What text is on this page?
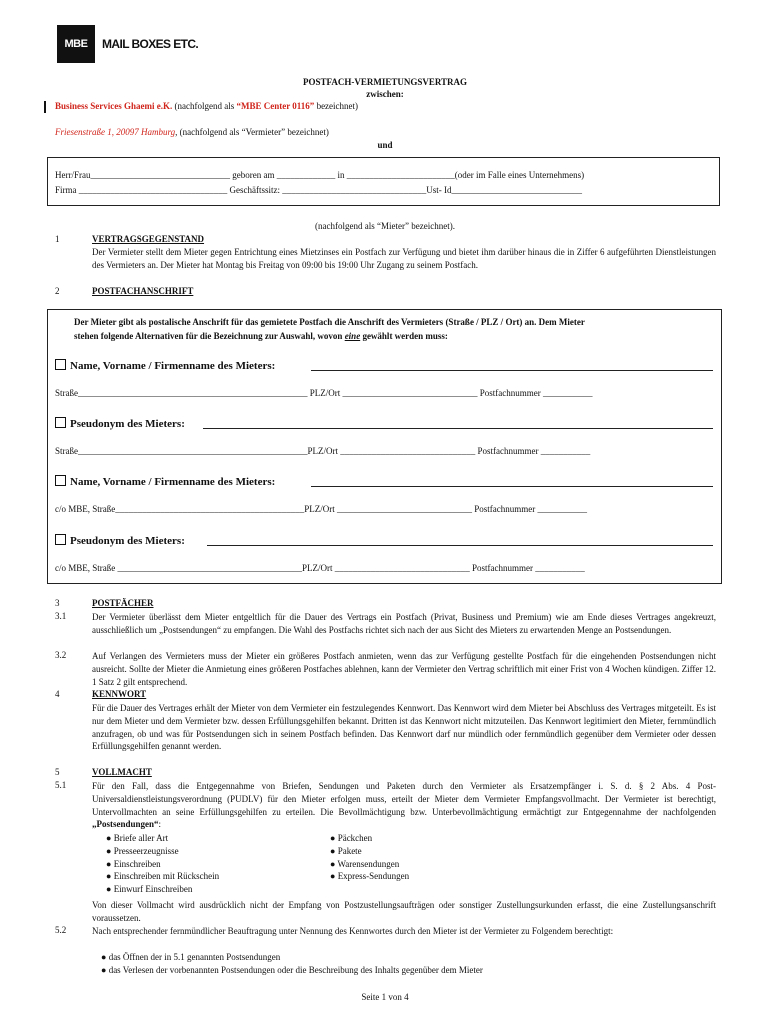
MBE MAIL BOXES ETC.
POSTFACH-VERMIETUNGSVERTRAG
zwischen:
Business Services Ghaemi e.K. (nachfolgend als “MBE Center 0116” bezeichnet)
Friesenstraße 1, 20097 Hamburg, (nachfolgend als “Vermieter” bezeichnet)
und
Herr/Frau_______________________________ geboren am _____________ in ________________________(oder im Falle eines Unternehmens)
Firma _________________________________ Geschäftssitz: ________________________________Ust- Id_____________________________
(nachfolgend als “Mieter” bezeichnet).
1	VERTRAGSGEGENSTAND
Der Vermieter stellt dem Mieter gegen Entrichtung eines Mietzinses ein Postfach zur Verfügung und bietet ihm darüber hinaus die in Ziffer 6 aufgeführten Dienstleistungen des Vermieters an. Der Mieter hat Montag bis Freitag von 09:00 bis 19:00 Uhr Zugang zu seinem Postfach.
2	POSTFACHANSCHRIFT
Der Mieter gibt als postalische Anschrift für das gemietete Postfach die Anschrift des Vermieters (Straße / PLZ / Ort) an. Dem Mieter
stehen folgende Alternativen für die Bezeichnung zur Auswahl, wovon eine gewählt werden muss:
Name, Vorname / Firmenname des Mieters:
Straße___________________________________________________ PLZ/Ort ______________________________ Postfachnummer ___________
Pseudonym des Mieters:
Straße___________________________________________________PLZ/Ort ______________________________ Postfachnummer ___________
Name, Vorname / Firmenname des Mieters:
c/o MBE, Straße__________________________________________PLZ/Ort ______________________________ Postfachnummer ___________
Pseudonym des Mieters:
c/o MBE, Straße _________________________________________PLZ/Ort ______________________________ Postfachnummer ___________
3	POSTFÄCHER
3.1	Der Vermieter überlässt dem Mieter entgeltlich für die Dauer des Vertrags ein Postfach (Privat, Business und Premium) wie am Ende dieses Vertrages angekreuzt, ausschließlich um „Postsendungen“ zu empfangen. Die Wahl des Postfachs richtet sich nach der aus Sicht des Mieters zu erwartenden Menge an Postsendungen.
3.2	Auf Verlangen des Vermieters muss der Mieter ein größeres Postfach anmieten, wenn das zur Verfügung gestellte Postfach für die eingehenden Postsendungen nicht ausreicht. Sollte der Mieter die Anmietung eines größeren Postfaches ablehnen, kann der Vermieter den Vertrag schriftlich mit einer Frist von 4 Wochen kündigen. Ziffer 12. 1 Satz 2 gilt entsprechend.
4	KENNWORT
Für die Dauer des Vertrages erhält der Mieter von dem Vermieter ein festzulegendes Kennwort. Das Kennwort wird dem Mieter bei Abschluss des Vertrages mitgeteilt. Es ist nur dem Mieter und dem Vermieter bzw. dessen Erfüllungsgehilfen bekannt. Dritten ist das Kennwort nicht mitzuteilen. Das Kennwort legitimiert den Mieter, fernmündlich anzufragen, ob und was für Postsendungen sich in seinem Postfach befinden. Das Kennwort darf nur mündlich oder fernmündlich gegenüber dem Vermieter oder dessen Erfüllungsgehilfen genannt werden.
5	VOLLMACHT
5.1	Für den Fall, dass die Entgegennahme von Briefen, Sendungen und Paketen durch den Vermieter als Ersatzempfänger i. S. d. § 2 Abs. 4 Post-Universaldienstleistungsverordnung (PUDLV) für den Mieter erfolgen muss, erteilt der Mieter dem Vermieter Empfangsvollmacht. Der Vermieter ist berechtigt, Untervollmachten an seine Erfüllungsgehilfen zu erteilen. Die Bevollmächtigung bzw. Unterbevollmächtigung ermächtigt zur Entgegennahme der nachfolgenden „Postsendungen“:
● Briefe aller Art
● Presseerzeugnisse
● Einschreiben
● Einschreiben mit Rückschein
● Einwurf Einschreiben
● Päckchen
● Pakete
● Warensendungen
● Express-Sendungen
Von dieser Vollmacht wird ausdrücklich nicht der Empfang von Postzustellungsaufträgen oder sonstiger Zustellungsurkunden erfasst, die eine Zustellungsanschrift voraussetzen.
5.2	Nach entsprechender fernmündlicher Beauftragung unter Nennung des Kennwortes durch den Mieter ist der Vermieter zu Folgendem berechtigt:
● das Öffnen der in 5.1 genannten Postsendungen
● das Verlesen der vorbenannten Postsendungen oder die Beschreibung des Inhalts gegenüber dem Mieter
Seite 1 von 4
